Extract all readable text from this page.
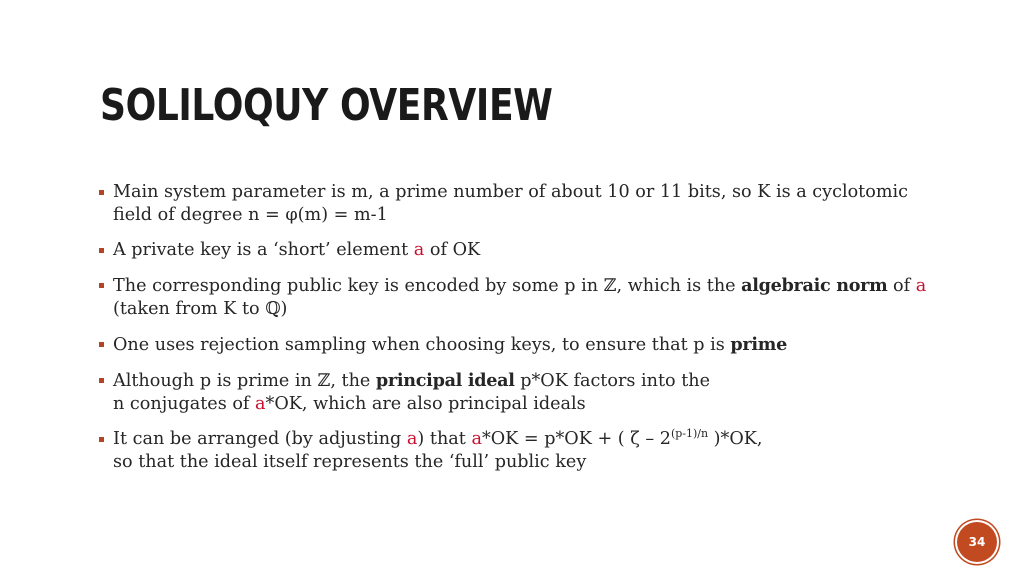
SOLILOQUY OVERVIEW
Main system parameter is m, a prime number of about 10 or 11 bits, so K is a cyclotomic
field of degree n = φ(m) = m-1
A private key is a ‘short’ element a of OK
The corresponding public key is encoded by some p in ℤ, which is the algebraic norm of a
(taken from K to ℚ)
One uses rejection sampling when choosing keys, to ensure that p is prime
Although p is prime in ℤ, the principal ideal p*OK factors into the
n conjugates of a*OK, which are also principal ideals
It can be arranged (by adjusting a) that a*OK = p*OK + ( ζ – $2^{(p-1)/n}$ )*OK,
so that the ideal itself represents the ‘full’ public key
34
